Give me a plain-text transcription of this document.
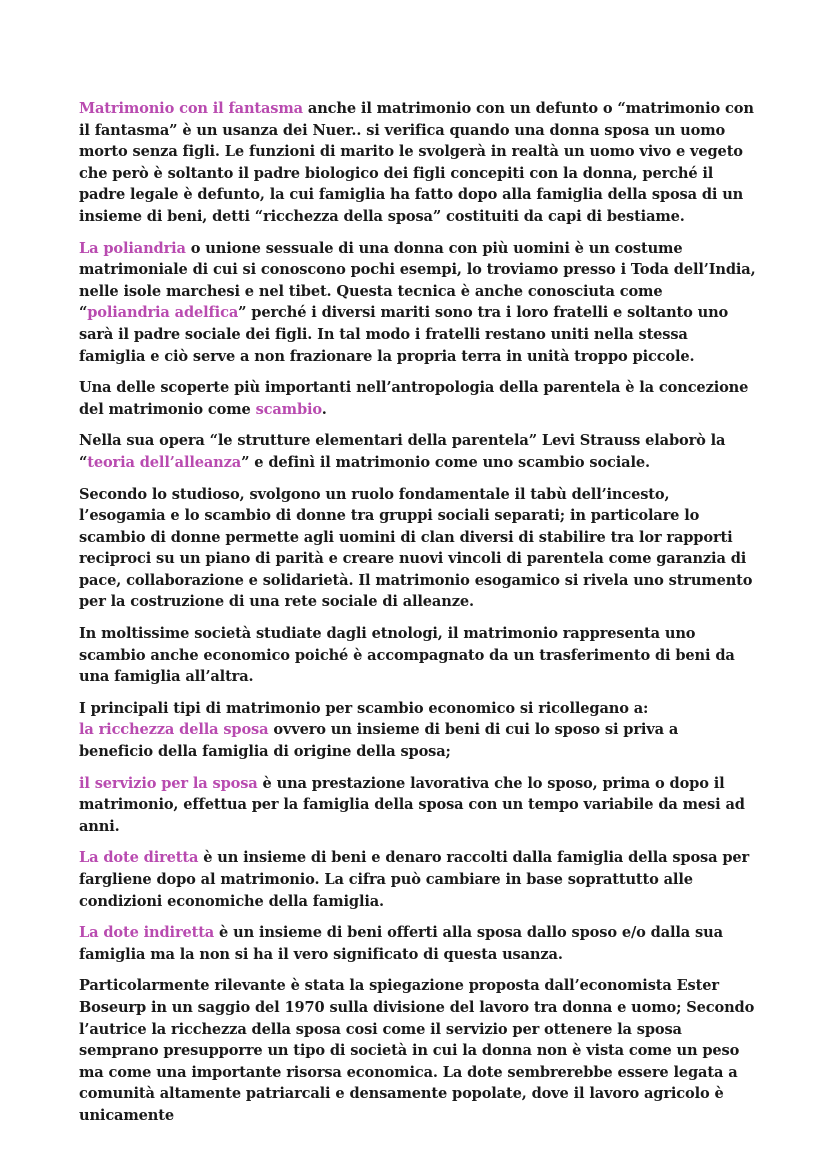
Matrimonio con il fantasma anche il matrimonio con un defunto o “matrimonio con il fantasma” è un usanza dei Nuer.. si verifica quando una donna sposa un uomo morto senza figli. Le funzioni di marito le svolgerà in realtà un uomo vivo e vegeto che però è soltanto il padre biologico dei figli concepiti con la donna, perché il padre legale è defunto, la cui famiglia ha fatto dopo alla famiglia della sposa di un insieme di beni, detti “ricchezza della sposa” costituiti da capi di bestiame.

La poliandria o unione sessuale di una donna con più uomini è un costume matrimoniale di cui si conoscono pochi esempi, lo troviamo presso i Toda dell’India, nelle isole marchesi e nel tibet. Questa tecnica è anche conosciuta come “poliandria adelfica” perché i diversi mariti sono tra i loro fratelli e soltanto uno sarà il padre sociale dei figli. In tal modo i fratelli restano uniti nella stessa famiglia e ciò serve a non frazionare la propria terra in unità troppo piccole.

Una delle scoperte più importanti nell’antropologia della parentela è la concezione del matrimonio come scambio.

Nella sua opera “le strutture elementari della parentela” Levi Strauss elaborò la “teoria dell’alleanza” e definì il matrimonio come uno scambio sociale.

Secondo lo studioso, svolgono un ruolo fondamentale il tabù dell’incesto, l’esogamia e lo scambio di donne tra gruppi sociali separati; in particolare lo scambio di donne permette agli uomini di clan diversi di stabilire tra lor rapporti reciproci su un piano di parità e creare nuovi vincoli di parentela come garanzia di pace, collaborazione e solidarietà. Il matrimonio esogamico si rivela uno strumento per la costruzione di una rete sociale di alleanze.

In moltissime società studiate dagli etnologi, il matrimonio rappresenta uno scambio anche economico poiché è accompagnato da un trasferimento di beni da una famiglia all’altra.

I principali tipi di matrimonio per scambio economico si ricollegano a:

la ricchezza della sposa ovvero un insieme di beni di cui lo sposo si priva a beneficio della famiglia di origine della sposa;

il servizio per la sposa è una prestazione lavorativa che lo sposo, prima o dopo il matrimonio, effettua per la famiglia della sposa con un tempo variabile da mesi ad anni.

La dote diretta è un insieme di beni e denaro raccolti dalla famiglia della sposa per fargliene dopo al matrimonio. La cifra può cambiare in base soprattutto alle condizioni economiche della famiglia.

La dote indiretta è un insieme di beni offerti alla sposa dallo sposo e/o dalla sua famiglia ma la non si ha il vero significato di questa usanza.

Particolarmente rilevante è stata la spiegazione proposta dall’economista Ester Boseurp in un saggio del 1970 sulla divisione del lavoro tra donna e uomo; Secondo l’autrice la ricchezza della sposa cosi come il servizio per ottenere la sposa semprano presupporre un tipo di società in cui la donna non è vista come un peso ma come una importante risorsa economica. La dote sembrerebbe essere legata a comunità altamente patriarcali e densamente popolate, dove il lavoro agricolo è unicamente
